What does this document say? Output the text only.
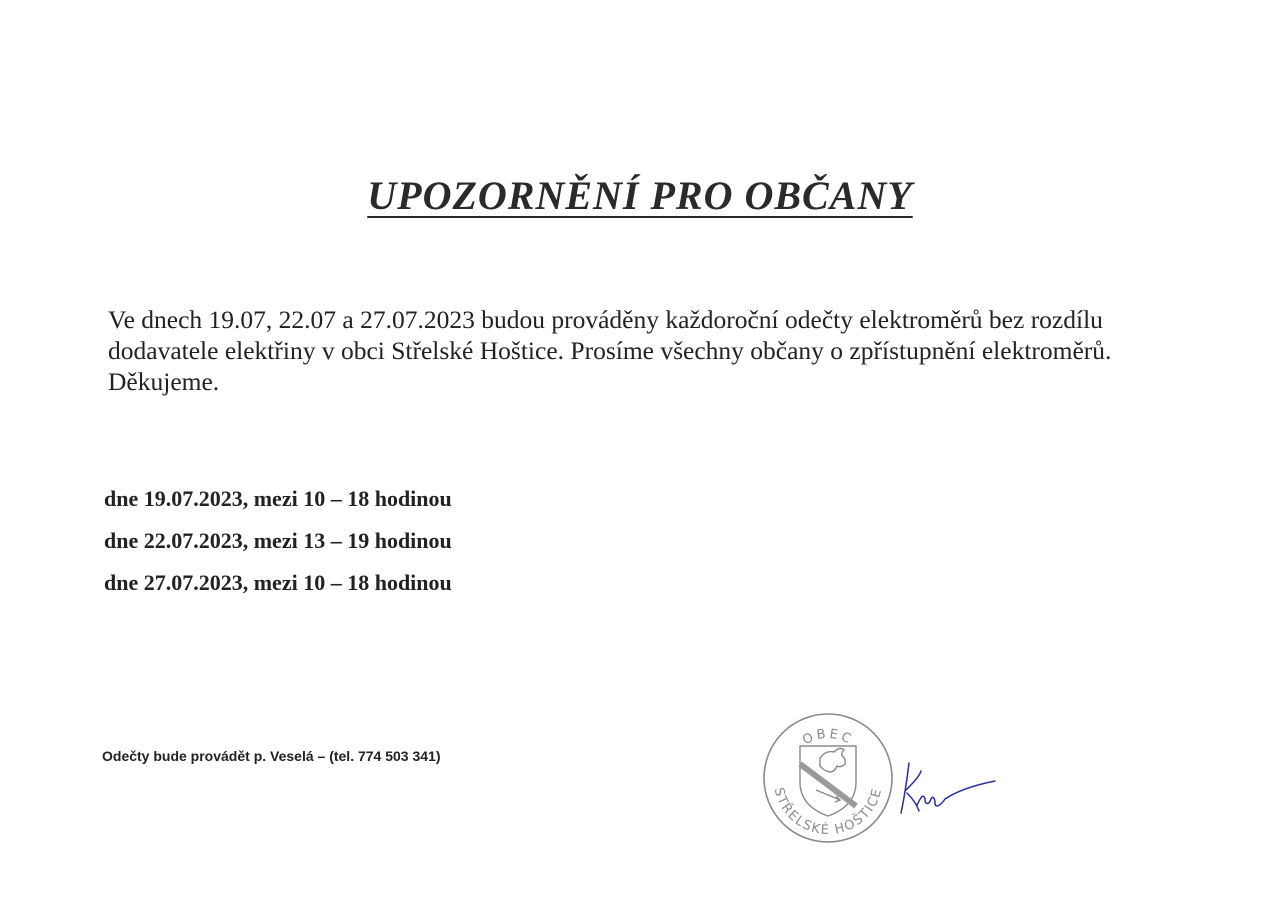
UPOZORNĚNÍ PRO OBČANY

Ve dnech 19.07, 22.07 a 27.07.2023 budou prováděny každoroční odečty elektroměrů bez rozdílu

dodavatele elektřiny v obci Střelské Hoštice. Prosíme všechny občany o zpřístupnění elektroměrů.

Děkujeme.

dne 19.07.2023, mezi 10 – 18 hodinou
dne 22.07.2023, mezi 13 – 19 hodinou
dne 27.07.2023, mezi 10 – 18 hodinou
Odečty bude provádět p. Veselá – (tel. 774 503 341)
OBEC
STŘELSKÉ HOŠTICE
